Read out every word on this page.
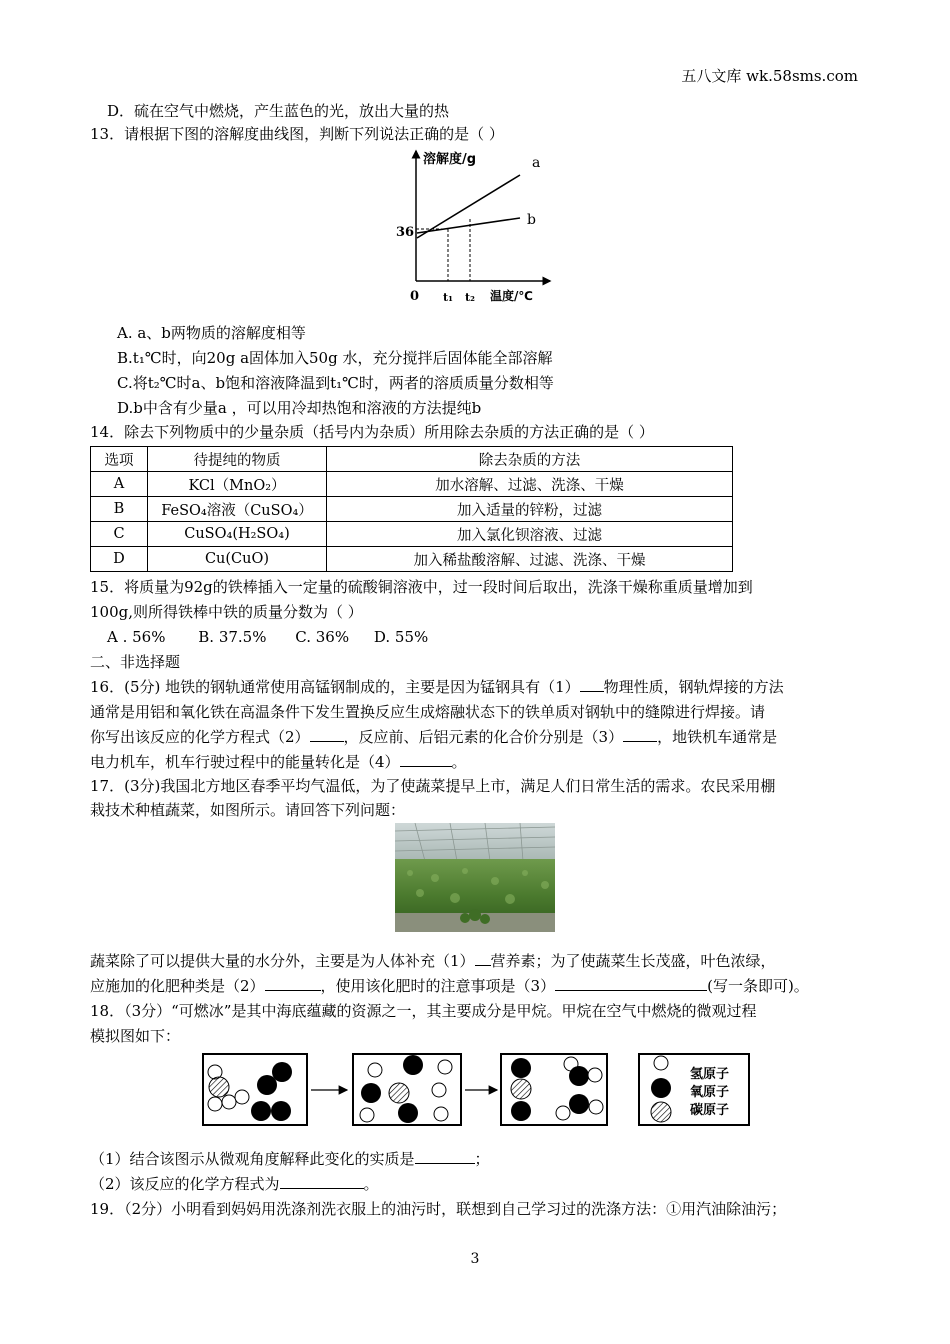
五八文库 wk.58sms.com
D．硫在空气中燃烧，产生蓝色的光，放出大量的热
13．请根据下图的溶解度曲线图，判断下列说法正确的是（ ）
溶解度/g	a
b
36
0 t₁ t₂ 温度/℃
A. a、b两物质的溶解度相等
B.t₁℃时，向20g a固体加入50g 水，充分搅拌后固体能全部溶解
C.将t₂℃时a、b饱和溶液降温到t₁℃时，两者的溶质质量分数相等
D.b中含有少量a ，可以用冷却热饱和溶液的方法提纯b
14．除去下列物质中的少量杂质（括号内为杂质）所用除去杂质的方法正确的是（ ）
选项	待提纯的物质	除去杂质的方法
A	KCl（MnO₂）	加水溶解、过滤、洗涤、干燥
B	FeSO₄溶液（CuSO₄）	加入适量的锌粉，过滤
C	CuSO₄(H₂SO₄)	加入氯化钡溶液、过滤
D	Cu(CuO)	加入稀盐酸溶解、过滤、洗涤、干燥
15．将质量为92g的铁棒插入一定量的硫酸铜溶液中，过一段时间后取出，洗涤干燥称重质量增加到
100g,则所得铁棒中铁的质量分数为（ ）
A . 56% B. 37.5% C. 36% D. 55%
二、非选择题
16．(5分) 地铁的钢轨通常使用高锰钢制成的，主要是因为锰钢具有（1） 物理性质，钢轨焊接的方法
通常是用铝和氧化铁在高温条件下发生置换反应生成熔融状态下的铁单质对钢轨中的缝隙进行焊接。请
你写出该反应的化学方程式（2） ，反应前、后铝元素的化合价分别是（3） ，地铁机车通常是
电力机车，机车行驶过程中的能量转化是（4）	。
17．(3分)我国北方地区春季平均气温低，为了使蔬菜提早上市，满足人们日常生活的需求。农民采用棚
栽技术种植蔬菜，如图所示。请回答下列问题：
蔬菜除了可以提供大量的水分外，主要是为人体补充（1） 营养素；为了使蔬菜生长茂盛，叶色浓绿，
应施加的化肥种类是（2）	，使用该化肥时的注意事项是（3）	(写一条即可)。
18．（3分）“可燃冰”是其中海底蕴藏的资源之一，其主要成分是甲烷。甲烷在空气中燃烧的微观过程
模拟图如下：
氢原子
氧原子
碳原子
（1）结合该图示从微观角度解释此变化的实质是	；
（2）该反应的化学方程式为	。
19．（2分）小明看到妈妈用洗涤剂洗衣服上的油污时，联想到自己学习过的洗涤方法：①用汽油除油污；
3
